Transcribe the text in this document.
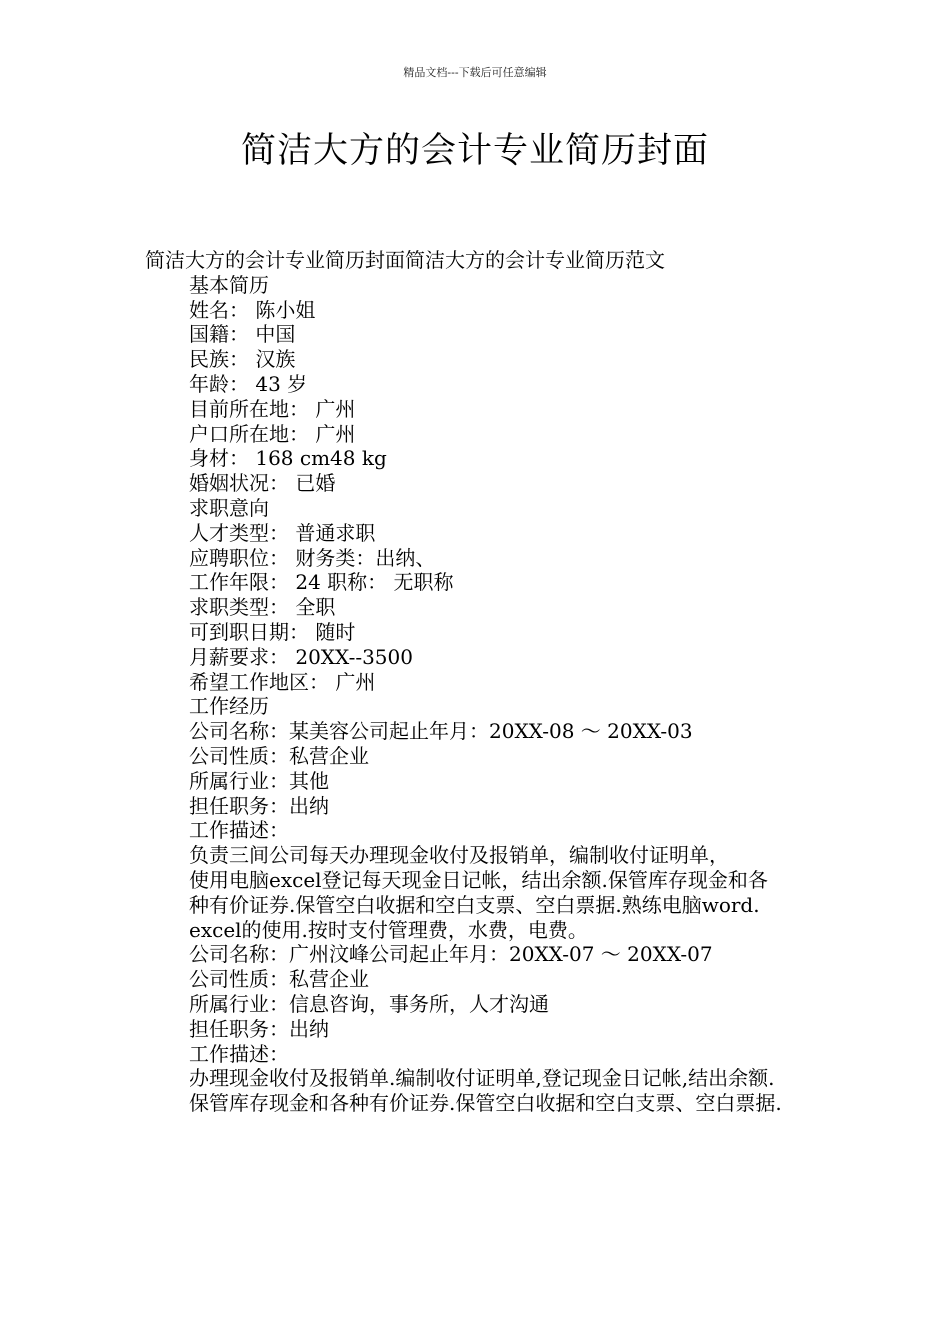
精品文档---下载后可任意编辑
简洁大方的会计专业简历封面

简洁大方的会计专业简历封面简洁大方的会计专业简历范文

基本简历

姓名： 陈小姐

国籍： 中国

民族： 汉族

年龄： 43 岁

目前所在地： 广州

户口所在地： 广州

身材： 168 cm48 kg

婚姻状况： 已婚

求职意向

人才类型： 普通求职

应聘职位： 财务类：出纳、

工作年限： 24 职称： 无职称

求职类型： 全职

可到职日期： 随时

月薪要求： 20XX--3500

希望工作地区： 广州

工作经历

公司名称：某美容公司起止年月：20XX-08 ～ 20XX-03

公司性质：私营企业

所属行业：其他

担任职务：出纳

工作描述：

负责三间公司每天办理现金收付及报销单，编制收付证明单，

使用电脑excel登记每天现金日记帐，结出余额.保管库存现金和各

种有价证券.保管空白收据和空白支票、空白票据.熟练电脑word.

excel的使用.按时支付管理费，水费，电费。

公司名称：广州汶峰公司起止年月：20XX-07 ～ 20XX-07

公司性质：私营企业

所属行业：信息咨询，事务所，人才沟通

担任职务：出纳

工作描述：

办理现金收付及报销单.编制收付证明单,登记现金日记帐,结出余额.

保管库存现金和各种有价证券.保管空白收据和空白支票、空白票据.
